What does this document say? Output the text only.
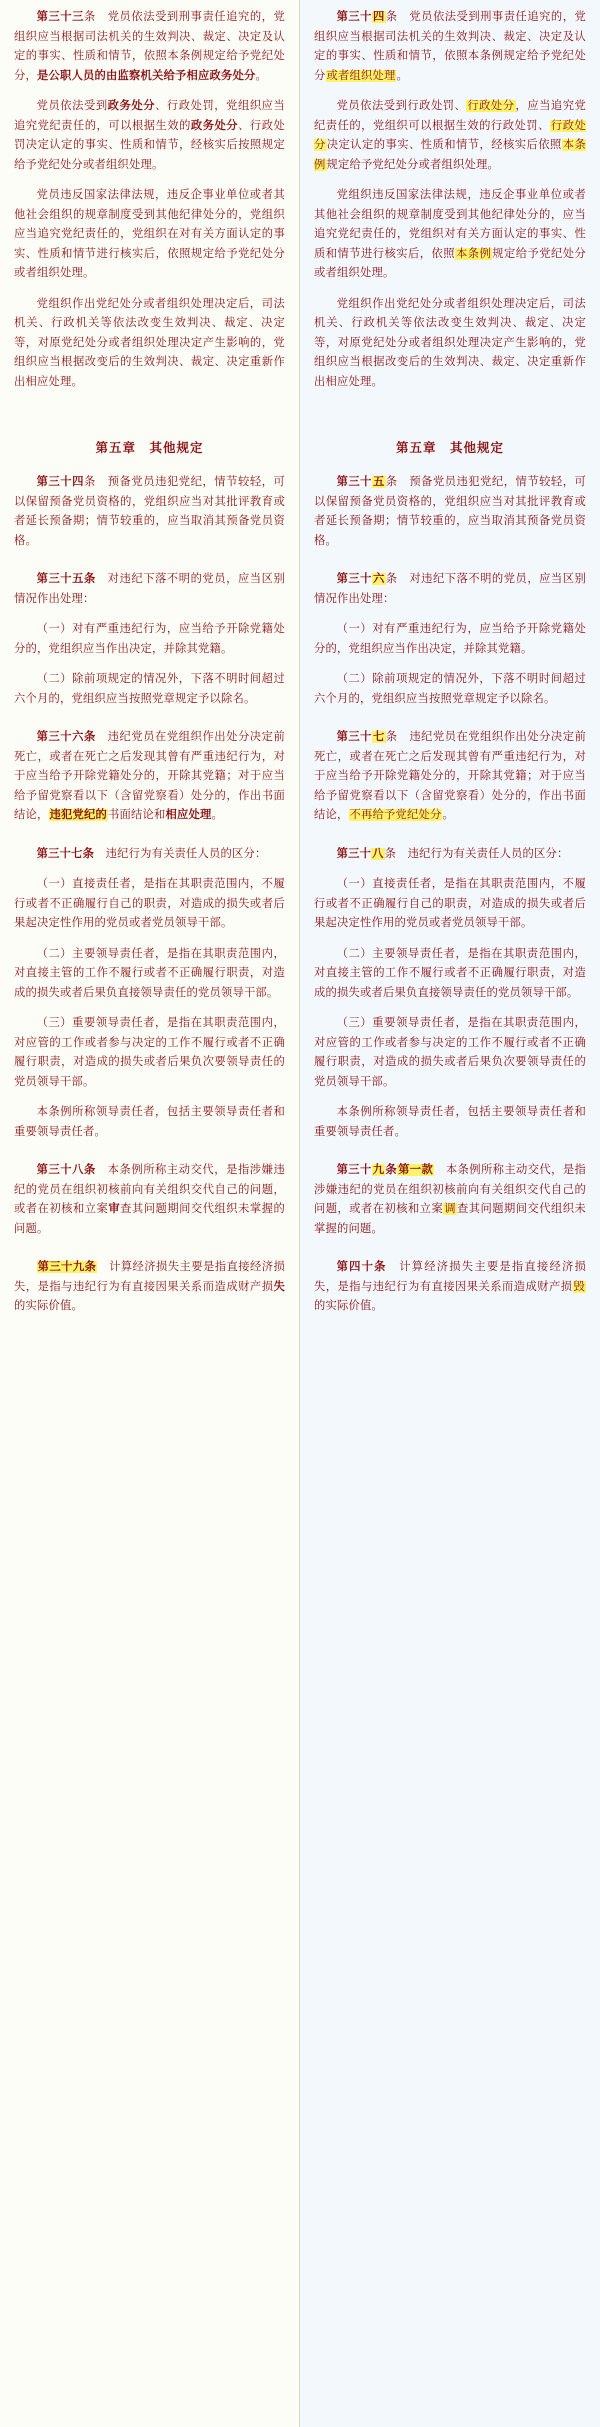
第三十三条　党员依法受到刑事责任追究的，党组织应当根据司法机关的生效判决、裁定、决定及认定的事实、性质和情节，依照本条例规定给予党纪处分，是公职人员的由监察机关给予相应政务处分。

党员依法受到政务处分、行政处罚，党组织应当追究党纪责任的，可以根据生效的政务处分、行政处罚决定认定的事实、性质和情节，经核实后按照规定给予党纪处分或者组织处理。

党员违反国家法律法规，违反企事业单位或者其他社会组织的规章制度受到其他纪律处分的，党组织应当追究党纪责任的，党组织在对有关方面认定的事实、性质和情节进行核实后，依照规定给予党纪处分或者组织处理。

党组织作出党纪处分或者组织处理决定后，司法机关、行政机关等依法改变生效判决、裁定、决定等，对原党纪处分或者组织处理决定产生影响的，党组织应当根据改变后的生效判决、裁定、决定重新作出相应处理。

第五章　其他规定

第三十四条　预备党员违犯党纪，情节较轻，可以保留预备党员资格的，党组织应当对其批评教育或者延长预备期；情节较重的，应当取消其预备党员资格。

第三十五条　对违纪下落不明的党员，应当区别情况作出处理：

（一）对有严重违纪行为，应当给予开除党籍处分的，党组织应当作出决定，并除其党籍。

（二）除前项规定的情况外，下落不明时间超过六个月的，党组织应当按照党章规定予以除名。

第三十六条　违纪党员在党组织作出处分决定前死亡，或者在死亡之后发现其曾有严重违纪行为，对于应当给予开除党籍处分的，开除其党籍；对于应当给予留党察看以下（含留党察看）处分的，作出书面结论，违犯党纪的书面结论和相应处理。

第三十七条　违纪行为有关责任人员的区分：

（一）直接责任者，是指在其职责范围内，不履行或者不正确履行自己的职责，对造成的损失或者后果起决定性作用的党员或者党员领导干部。

（二）主要领导责任者，是指在其职责范围内，对直接主管的工作不履行或者不正确履行职责，对造成的损失或者后果负直接领导责任的党员领导干部。

（三）重要领导责任者，是指在其职责范围内，对应管的工作或者参与决定的工作不履行或者不正确履行职责，对造成的损失或者后果负次要领导责任的党员领导干部。

本条例所称领导责任者，包括主要领导责任者和重要领导责任者。

第三十八条　本条例所称主动交代，是指涉嫌违纪的党员在组织初核前向有关组织交代自己的问题，或者在初核和立案审查其问题期间交代组织未掌握的问题。

第三十九条　计算经济损失主要是指直接经济损失，是指与违纪行为有直接因果关系而造成财产损失的实际价值。

第三十四条　党员依法受到刑事责任追究的，党组织应当根据司法机关的生效判决、裁定、决定及认定的事实、性质和情节，依照本条例规定给予党纪处分或者组织处理。

党员依法受到行政处罚、行政处分，应当追究党纪责任的，党组织可以根据生效的行政处罚、行政处分决定认定的事实、性质和情节，经核实后依照本条例规定给予党纪处分或者组织处理。

党组织违反国家法律法规，违反企事业单位或者其他社会组织的规章制度受到其他纪律处分的，应当追究党纪责任的，党组织对有关方面认定的事实、性质和情节进行核实后，依照本条例规定给予党纪处分或者组织处理。

党组织作出党纪处分或者组织处理决定后，司法机关、行政机关等依法改变生效判决、裁定、决定等，对原党纪处分或者组织处理决定产生影响的，党组织应当根据改变后的生效判决、裁定、决定重新作出相应处理。

第五章　其他规定

第三十五条　预备党员违犯党纪，情节较轻，可以保留预备党员资格的，党组织应当对其批评教育或者延长预备期；情节较重的，应当取消其预备党员资格。

第三十六条　对违纪下落不明的党员，应当区别情况作出处理：

（一）对有严重违纪行为，应当给予开除党籍处分的，党组织应当作出决定，并除其党籍。

（二）除前项规定的情况外，下落不明时间超过六个月的，党组织应当按照党章规定予以除名。

第三十七条　违纪党员在党组织作出处分决定前死亡，或者在死亡之后发现其曾有严重违纪行为，对于应当给予开除党籍处分的，开除其党籍；对于应当给予留党察看以下（含留党察看）处分的，作出书面结论，不再给予党纪处分。

第三十八条　违纪行为有关责任人员的区分：

（一）直接责任者，是指在其职责范围内，不履行或者不正确履行自己的职责，对造成的损失或者后果起决定性作用的党员或者党员领导干部。

（二）主要领导责任者，是指在其职责范围内，对直接主管的工作不履行或者不正确履行职责，对造成的损失或者后果负直接领导责任的党员领导干部。

（三）重要领导责任者，是指在其职责范围内，对应管的工作或者参与决定的工作不履行或者不正确履行职责，对造成的损失或者后果负次要领导责任的党员领导干部。

本条例所称领导责任者，包括主要领导责任者和重要领导责任者。

第三十九条第一款　本条例所称主动交代，是指涉嫌违纪的党员在组织初核前向有关组织交代自己的问题，或者在初核和立案调查其问题期间交代组织未掌握的问题。

第四十条　计算经济损失主要是指直接经济损失，是指与违纪行为有直接因果关系而造成财产损毁的实际价值。
